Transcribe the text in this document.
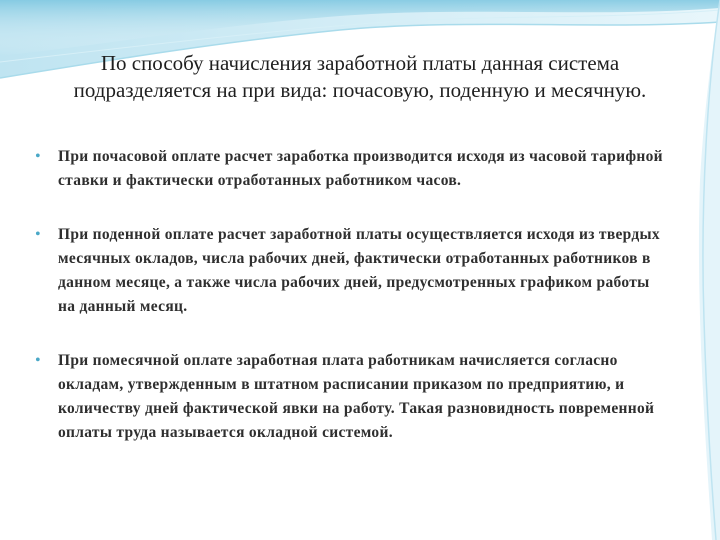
По способу начисления заработной платы данная система подразделяется на при вида: почасовую, поденную и месячную.

•	При почасовой оплате расчет заработка производится исходя из часовой тарифной ставки и фактически отработанных работником часов.
•	При поденной оплате расчет заработной платы осуществляется исходя из твердых месячных окладов, числа рабочих дней, фактически отработанных работников в данном месяце, а также числа рабочих дней, предусмотренных графиком работы на данный месяц.
•	При помесячной оплате заработная плата работникам начисляется согласно окладам, утвержденным в штатном расписании приказом по предприятию, и количеству дней фактической явки на работу. Такая разновидность повременной оплаты труда называется окладной системой.
